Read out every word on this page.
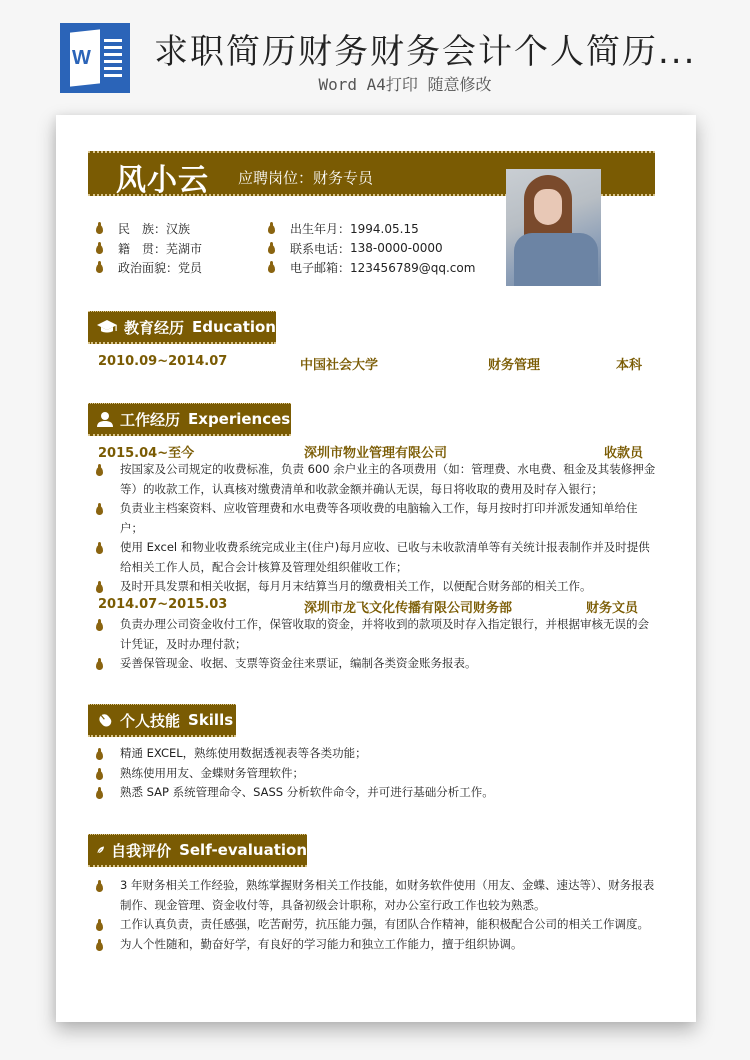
W 求职简历财务财务会计个人简历...
Word A4打印 随意修改
风小云 应聘岗位：财务专员
民 族： 汉族
籍 贯： 芜湖市
政治面貌： 党员
出生年月： 1994.05.15
联系电话： 138-0000-0000
电子邮箱： 123456789@qq.com
教育经历 Education
2010.09~2014.07	中国社会大学	财务管理	本科
工作经历 Experiences
2015.04~至今	深圳市物业管理有限公司	收款员
按国家及公司规定的收费标准，负责 600 余户业主的各项费用（如：管理费、水电费、租金及其装修押金等）的收款工作，认真核对缴费清单和收款金额并确认无误，每日将收取的费用及时存入银行；
负责业主档案资料、应收管理费和水电费等各项收费的电脑输入工作，每月按时打印并派发通知单给住户；
使用 Excel 和物业收费系统完成业主(住户)每月应收、已收与未收款清单等有关统计报表制作并及时提供给相关工作人员，配合会计核算及管理处组织催收工作；
及时开具发票和相关收据，每月月末结算当月的缴费相关工作，以便配合财务部的相关工作。
2014.07~2015.03	深圳市龙飞文化传播有限公司财务部	财务文员
负责办理公司资金收付工作，保管收取的资金，并将收到的款项及时存入指定银行，并根据审核无误的会计凭证，及时办理付款；
妥善保管现金、收据、支票等资金往来票证，编制各类资金账务报表。
个人技能 Skills
精通 EXCEL，熟练使用数据透视表等各类功能；
熟练使用用友、金蝶财务管理软件；
熟悉 SAP 系统管理命令、SASS 分析软件命令，并可进行基础分析工作。
自我评价 Self-evaluation
3 年财务相关工作经验，熟练掌握财务相关工作技能，如财务软件使用（用友、金蝶、速达等）、财务报表制作、现金管理、资金收付等，具备初级会计职称，对办公室行政工作也较为熟悉。
工作认真负责，责任感强，吃苦耐劳，抗压能力强，有团队合作精神，能积极配合公司的相关工作调度。
为人个性随和，勤奋好学，有良好的学习能力和独立工作能力，擅于组织协调。
